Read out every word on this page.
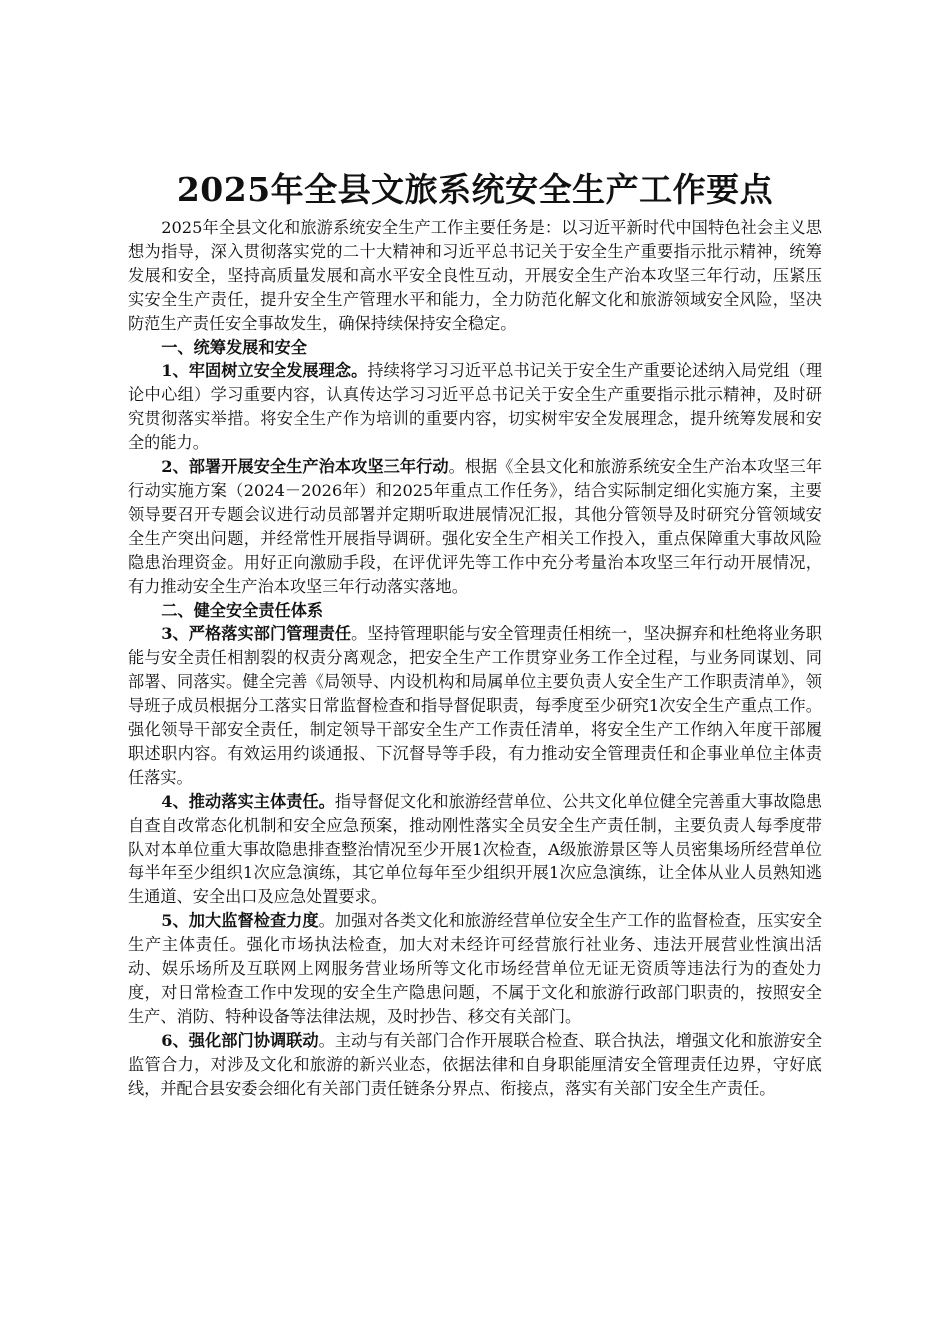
2025年全县文旅系统安全生产工作要点

2025年全县文化和旅游系统安全生产工作主要任务是：以习近平新时代中国特色社会主义思想为指导，深入贯彻落实党的二十大精神和习近平总书记关于安全生产重要指示批示精神，统筹发展和安全，坚持高质量发展和高水平安全良性互动，开展安全生产治本攻坚三年行动，压紧压实安全生产责任，提升安全生产管理水平和能力，全力防范化解文化和旅游领域安全风险，坚决防范生产责任安全事故发生，确保持续保持安全稳定。

一、统筹发展和安全

1、牢固树立安全发展理念。持续将学习习近平总书记关于安全生产重要论述纳入局党组（理论中心组）学习重要内容，认真传达学习习近平总书记关于安全生产重要指示批示精神，及时研究贯彻落实举措。将安全生产作为培训的重要内容，切实树牢安全发展理念，提升统筹发展和安全的能力。

2、部署开展安全生产治本攻坚三年行动。根据《全县文化和旅游系统安全生产治本攻坚三年行动实施方案（2024－2026年）和2025年重点工作任务》，结合实际制定细化实施方案，主要领导要召开专题会议进行动员部署并定期听取进展情况汇报，其他分管领导及时研究分管领域安全生产突出问题，并经常性开展指导调研。强化安全生产相关工作投入，重点保障重大事故风险隐患治理资金。用好正向激励手段，在评优评先等工作中充分考量治本攻坚三年行动开展情况，有力推动安全生产治本攻坚三年行动落实落地。

二、健全安全责任体系

3、严格落实部门管理责任。坚持管理职能与安全管理责任相统一，坚决摒弃和杜绝将业务职能与安全责任相割裂的权责分离观念，把安全生产工作贯穿业务工作全过程，与业务同谋划、同部署、同落实。健全完善《局领导、内设机构和局属单位主要负责人安全生产工作职责清单》，领导班子成员根据分工落实日常监督检查和指导督促职责，每季度至少研究1次安全生产重点工作。强化领导干部安全责任，制定领导干部安全生产工作责任清单，将安全生产工作纳入年度干部履职述职内容。有效运用约谈通报、下沉督导等手段，有力推动安全管理责任和企事业单位主体责任落实。

4、推动落实主体责任。指导督促文化和旅游经营单位、公共文化单位健全完善重大事故隐患自查自改常态化机制和安全应急预案，推动刚性落实全员安全生产责任制，主要负责人每季度带队对本单位重大事故隐患排查整治情况至少开展1次检查，A级旅游景区等人员密集场所经营单位每半年至少组织1次应急演练，其它单位每年至少组织开展1次应急演练，让全体从业人员熟知逃生通道、安全出口及应急处置要求。

5、加大监督检查力度。加强对各类文化和旅游经营单位安全生产工作的监督检查，压实安全生产主体责任。强化市场执法检查，加大对未经许可经营旅行社业务、违法开展营业性演出活动、娱乐场所及互联网上网服务营业场所等文化市场经营单位无证无资质等违法行为的查处力度，对日常检查工作中发现的安全生产隐患问题，不属于文化和旅游行政部门职责的，按照安全生产、消防、特种设备等法律法规，及时抄告、移交有关部门。

6、强化部门协调联动。主动与有关部门合作开展联合检查、联合执法，增强文化和旅游安全监管合力，对涉及文化和旅游的新兴业态，依据法律和自身职能厘清安全管理责任边界，守好底线，并配合县安委会细化有关部门责任链条分界点、衔接点，落实有关部门安全生产责任。
